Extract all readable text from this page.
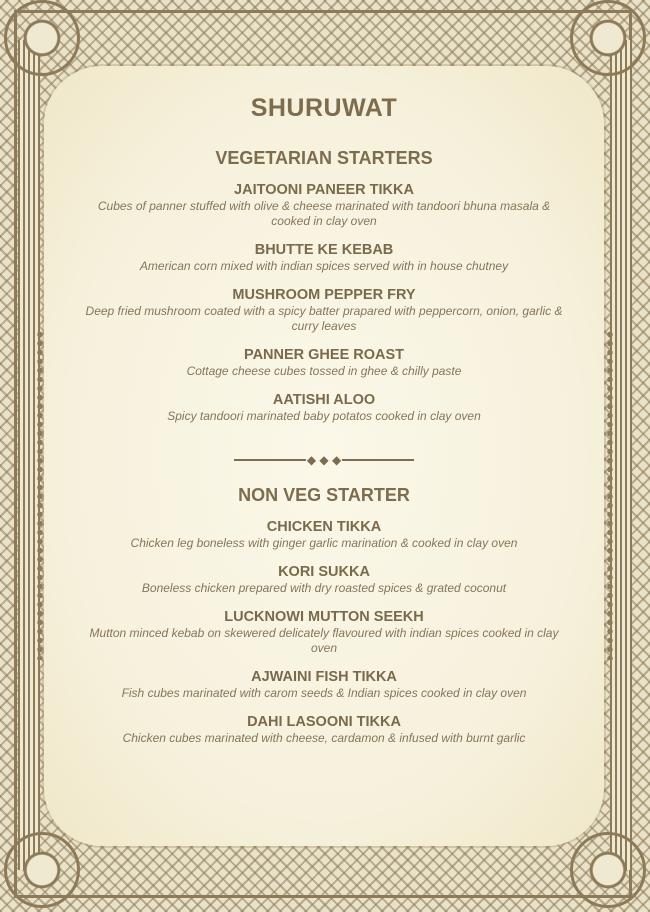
SHURUWAT
VEGETARIAN STARTERS
JAITOONI PANEER TIKKA
Cubes of panner stuffed with olive & cheese marinated with tandoori bhuna masala & cooked in clay oven
BHUTTE KE KEBAB
American corn mixed with indian spices served with in house chutney
MUSHROOM PEPPER FRY
Deep fried mushroom coated with a spicy batter prapared with peppercorn, onion, garlic & curry leaves
PANNER GHEE ROAST
Cottage cheese cubes tossed in ghee & chilly paste
AATISHI ALOO
Spicy tandoori marinated baby potatos cooked in clay oven
◆ ◆ ◆
NON VEG STARTER
CHICKEN TIKKA
Chicken leg boneless with ginger garlic marination & cooked in clay oven
KORI SUKKA
Boneless chicken prepared with dry roasted spices & grated coconut
LUCKNOWI MUTTON SEEKH
Mutton minced kebab on skewered delicately flavoured with indian spices cooked in clay oven
AJWAINI FISH TIKKA
Fish cubes marinated with carom seeds & Indian spices cooked in clay oven
DAHI LASOONI TIKKA
Chicken cubes marinated with cheese, cardamon & infused with burnt garlic
